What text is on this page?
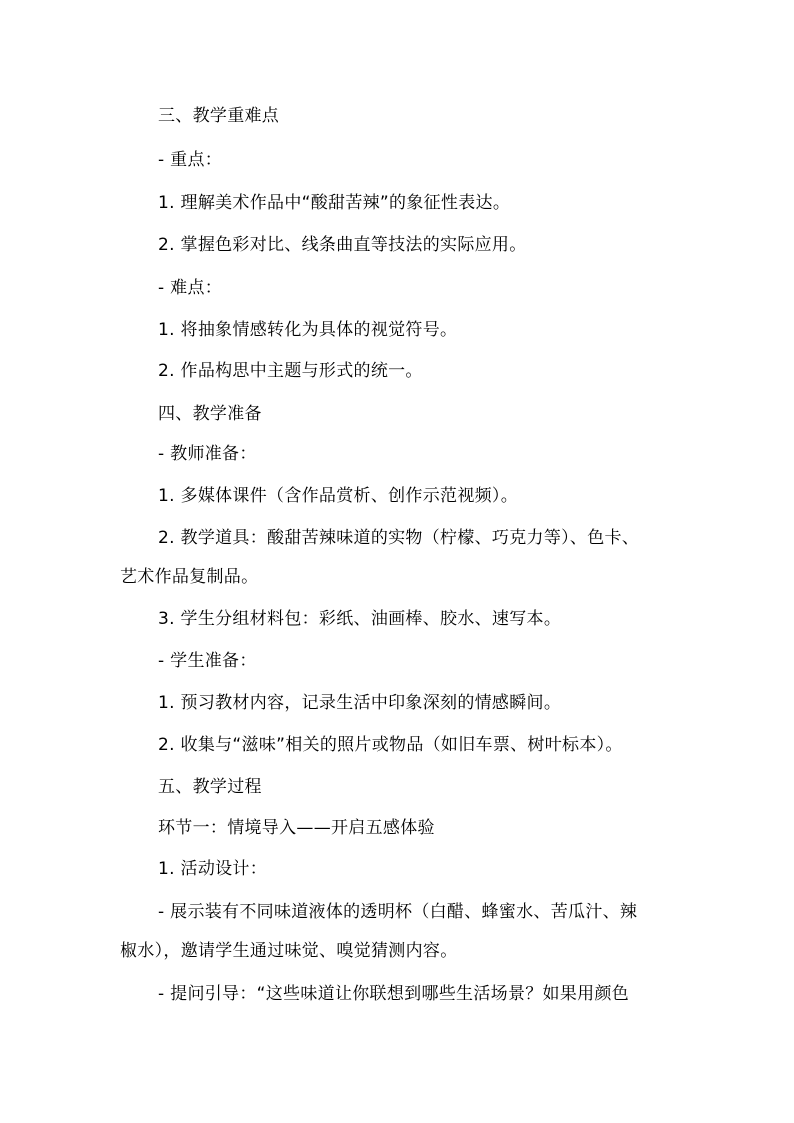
三、教学重难点
- 重点：
1. 理解美术作品中“酸甜苦辣”的象征性表达。
2. 掌握色彩对比、线条曲直等技法的实际应用。
- 难点：
1. 将抽象情感转化为具体的视觉符号。
2. 作品构思中主题与形式的统一。
四、教学准备
- 教师准备：
1. 多媒体课件（含作品赏析、创作示范视频）。
2. 教学道具：酸甜苦辣味道的实物（柠檬、巧克力等）、色卡、
艺术作品复制品。
3. 学生分组材料包：彩纸、油画棒、胶水、速写本。
- 学生准备：
1. 预习教材内容，记录生活中印象深刻的情感瞬间。
2. 收集与“滋味”相关的照片或物品（如旧车票、树叶标本）。
五、教学过程
环节一：情境导入——开启五感体验
1. 活动设计：
- 展示装有不同味道液体的透明杯（白醋、蜂蜜水、苦瓜汁、辣
椒水），邀请学生通过味觉、嗅觉猜测内容。
- 提问引导：“这些味道让你联想到哪些生活场景？如果用颜色
